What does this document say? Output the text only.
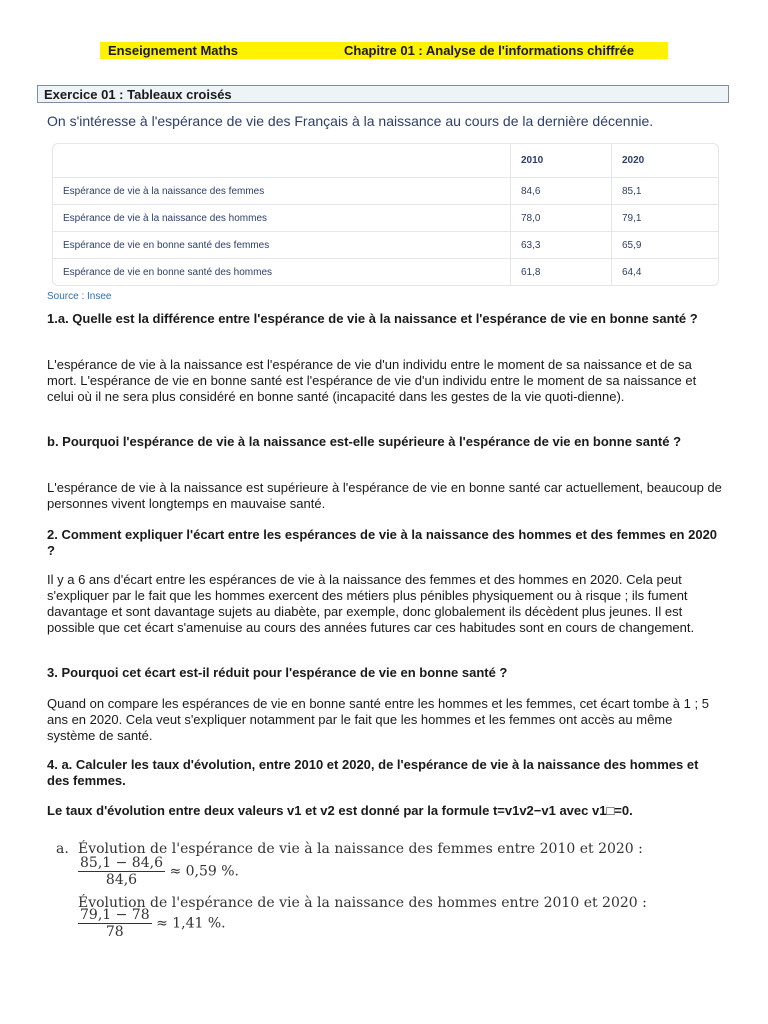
Enseignement Maths	Chapitre 01 : Analyse de l'informations chiffrée
Exercice 01 : Tableaux croisés
On s'intéresse à l'espérance de vie des Français à la naissance au cours de la dernière décennie.
	2010	2020
Espérance de vie à la naissance des femmes	84,6	85,1
Espérance de vie à la naissance des hommes	78,0	79,1
Espérance de vie en bonne santé des femmes	63,3	65,9
Espérance de vie en bonne santé des hommes	61,8	64,4
Source : Insee
1.a. Quelle est la différence entre l'espérance de vie à la naissance et l'espérance de vie en bonne santé ?
L'espérance de vie à la naissance est l'espérance de vie d'un individu entre le moment de sa naissance et de sa mort. L'espérance de vie en bonne santé est l'espérance de vie d'un individu entre le moment de sa naissance et celui où il ne sera plus considéré en bonne santé (incapacité dans les gestes de la vie quoti-dienne).
b. Pourquoi l'espérance de vie à la naissance est-elle supérieure à l'espérance de vie en bonne santé ?
L'espérance de vie à la naissance est supérieure à l'espérance de vie en bonne santé car actuellement, beaucoup de personnes vivent longtemps en mauvaise santé.
2. Comment expliquer l'écart entre les espérances de vie à la naissance des hommes et des femmes en 2020 ?
Il y a 6 ans d'écart entre les espérances de vie à la naissance des femmes et des hommes en 2020. Cela peut s'expliquer par le fait que les hommes exercent des métiers plus pénibles physiquement ou à risque ; ils fument davantage et sont davantage sujets au diabète, par exemple, donc globalement ils décèdent plus jeunes. Il est possible que cet écart s'amenuise au cours des années futures car ces habitudes sont en cours de changement.
3. Pourquoi cet écart est-il réduit pour l'espérance de vie en bonne santé ?
Quand on compare les espérances de vie en bonne santé entre les hommes et les femmes, cet écart tombe à 1 ; 5 ans en 2020. Cela veut s'expliquer notamment par le fait que les hommes et les femmes ont accès au même système de santé.
4. a. Calculer les taux d'évolution, entre 2010 et 2020, de l'espérance de vie à la naissance des hommes et des femmes.
Le taux d'évolution entre deux valeurs v1 et v2 est donné par la formule t=v1v2−v1 avec v1□=0.
a. Évolution de l'espérance de vie à la naissance des femmes entre 2010 et 2020 :
$\frac{85,1 - 84,6}{84,6} \approx 0,59$ %.
Évolution de l'espérance de vie à la naissance des hommes entre 2010 et 2020 :
$\frac{79,1 - 78}{78} \approx 1,41$ %.
